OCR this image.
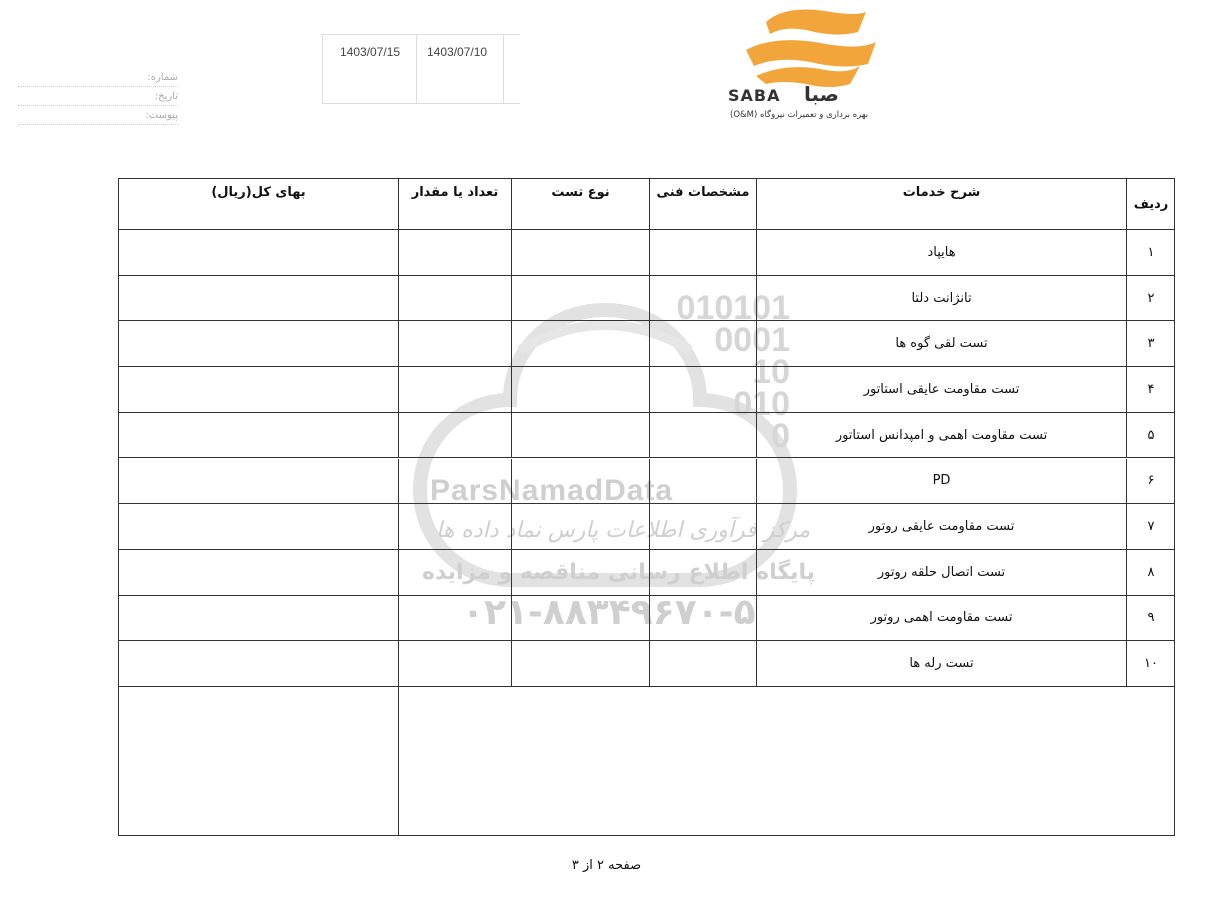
1403/07/15 1403/07/10
شماره:
تاریخ:
پیوست:
SABA صبا
بهره برداری و تعمیرات نیروگاه (O&M)
010101
0001
10
010
0
ParsNamadData
مرکز فرآوری اطلاعات پارس نماد داده ها
پایگاه اطلاع رسانی مناقصه و مزایده
۰۲۱-۸۸۳۴۹۶۷۰-۵
ردیف
شرح خدمات
مشخصات فنی
نوع تست
تعداد یا مقدار
بهای کل(ریال)
۱
هایپاد
۲
تانژانت دلتا
۳
تست لقی گوه ها
۴
تست مقاومت عایقی استاتور
۵
تست مقاومت اهمی و امپدانس استاتور
۶
PD
۷
تست مقاومت عایقی روتور
۸
تست اتصال حلقه روتور
۹
تست مقاومت اهمی روتور
۱۰
تست رله ها
صفحه ۲ از ۳
